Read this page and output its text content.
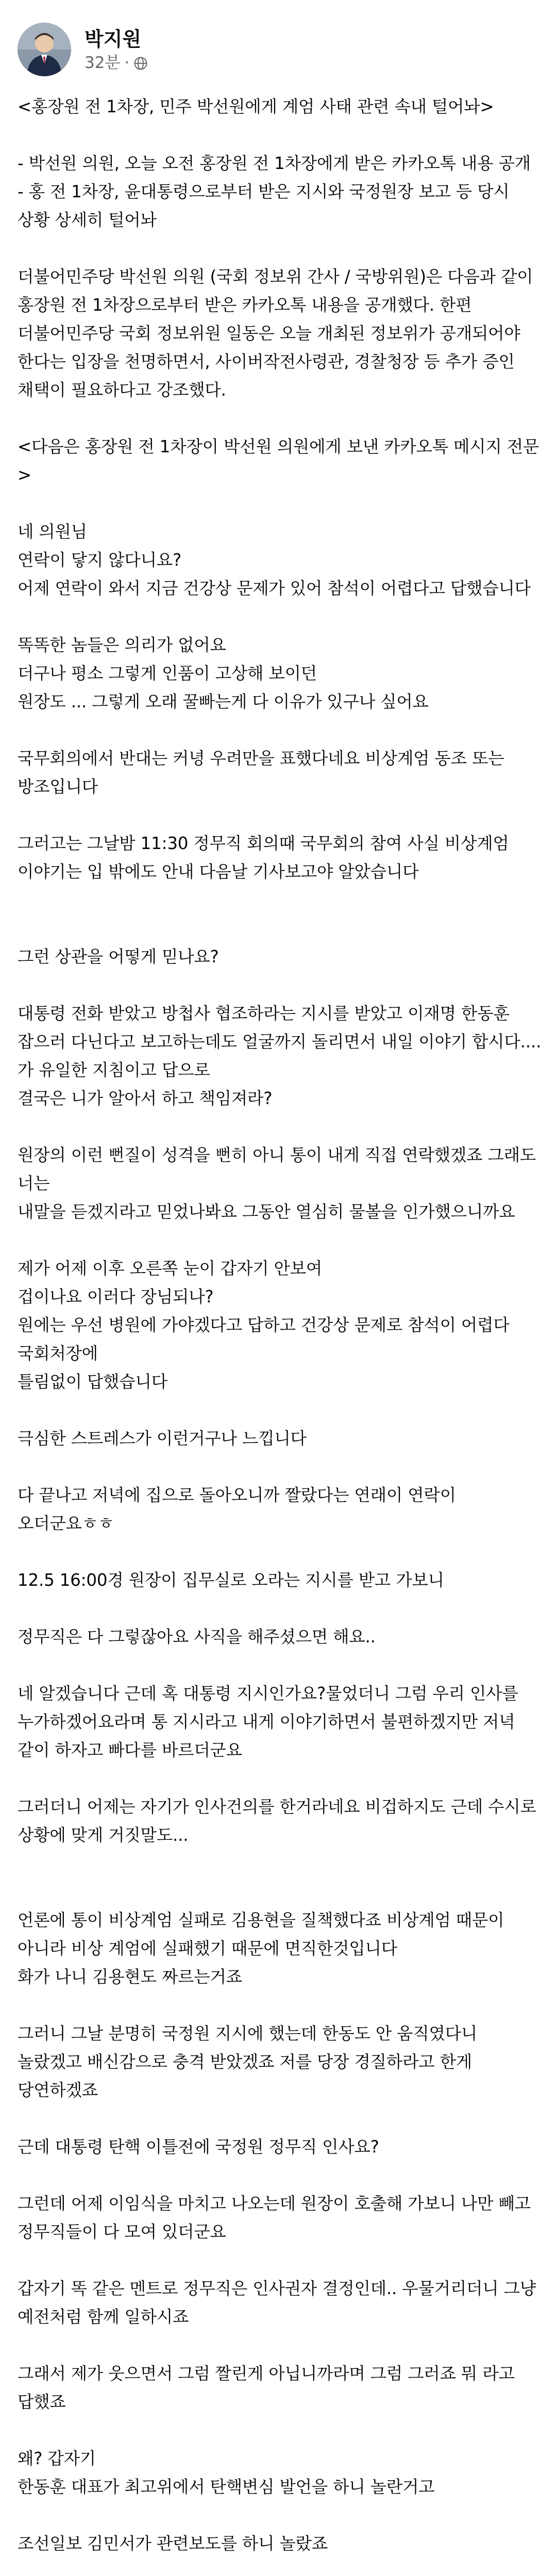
박지원
32분 ·

<홍장원 전 1차장, 민주 박선원에게 계엄 사태 관련 속내 털어놔>

- 박선원 의원, 오늘 오전 홍장원 전 1차장에게 받은 카카오톡 내용 공개
- 홍 전 1차장, 윤대통령으로부터 받은 지시와 국정원장 보고 등 당시 상황 상세히 털어놔

더불어민주당 박선원 의원 (국회 정보위 간사 / 국방위원)은 다음과 같이 홍장원 전 1차장으로부터 받은 카카오톡 내용을 공개했다. 한편 더불어민주당 국회 정보위원 일동은 오늘 개최된 정보위가 공개되어야 한다는 입장을 천명하면서, 사이버작전사령관, 경찰청장 등 추가 증인 채택이 필요하다고 강조했다.

<다음은 홍장원 전 1차장이 박선원 의원에게 보낸 카카오톡 메시지 전문>

네 의원님
연락이 닿지 않다니요?
어제 연락이 와서 지금 건강상 문제가 있어 참석이 어렵다고 답했습니다

똑똑한 놈들은 의리가 없어요
더구나 평소 그렇게 인품이 고상해 보이던
원장도 ... 그렇게 오래 꿀빠는게 다 이유가 있구나 싶어요

국무회의에서 반대는 커녕 우려만을 표했다네요 비상계엄 동조 또는 방조입니다

그러고는 그날밤 11:30 정무직 회의때 국무회의 참여 사실 비상계엄 이야기는 입 밖에도 안내 다음날 기사보고야 알았습니다

그런 상관을 어떻게 믿나요?

대통령 전화 받았고 방첩사 협조하라는 지시를 받았고 이재명 한동훈 잡으러 다닌다고 보고하는데도 얼굴까지 돌리면서 내일 이야기 합시다.... 가 유일한 지침이고 답으로
결국은 니가 알아서 하고 책임져라?

원장의 이런 뻔질이 성격을 뻔히 아니 통이 내게 직접 연락했겠죠 그래도 너는
내말을 듣겠지라고 믿었나봐요 그동안 열심히 물볼을 인가했으니까요

제가 어제 이후 오른쪽 눈이 갑자기 안보여
겁이나요 이러다 장님되나?
원에는 우선 병원에 가야겠다고 답하고 건강상 문제로 참석이 어렵다 국회처장에
틀림없이 답했습니다

극심한 스트레스가 이런거구나 느낍니다

다 끝나고 저녁에 집으로 돌아오니까 짤랐다는 연래이 연락이 오더군요ㅎㅎ

12.5 16:00경 원장이 집무실로 오라는 지시를 받고 가보니

정무직은 다 그렇잖아요 사직을 해주셨으면 해요..

네 알겠습니다 근데 혹 대통령 지시인가요?물었더니 그럼 우리 인사를 누가하겠어요라며 통 지시라고 내게 이야기하면서 불편하겠지만 저녁 같이 하자고 빠다를 바르더군요

그러더니 어제는 자기가 인사건의를 한거라네요 비겁하지도 근데 수시로 상황에 맞게 거짓말도...

언론에 통이 비상계엄 실패로 김용현을 질책했다죠 비상계엄 때문이 아니라 비상 계엄에 실패했기 때문에 면직한것입니다
화가 나니 김용현도 짜르는거죠

그러니 그날 분명히 국정원 지시에 했는데 한동도 안 움직였다니 놀랐겠고 배신감으로 충격 받았겠죠 저를 당장 경질하라고 한게 당연하겠죠

근데 대통령 탄핵 이틀전에 국정원 정무직 인사요?

그런데 어제 이임식을 마치고 나오는데 원장이 호출해 가보니 나만 빼고 정무직들이 다 모여 있더군요

갑자기 똑 같은 멘트로 정무직은 인사권자 결정인데.. 우물거리더니 그냥 예전처럼 함께 일하시죠

그래서 제가 웃으면서 그럼 짤린게 아닙니까라며 그럼 그러죠 뭐 라고 답했죠

왜? 갑자기
한동훈 대표가 최고위에서 탄핵변심 발언을 하니 놀란거고

조선일보 김민서가 관련보도를 하니 놀랐죠
